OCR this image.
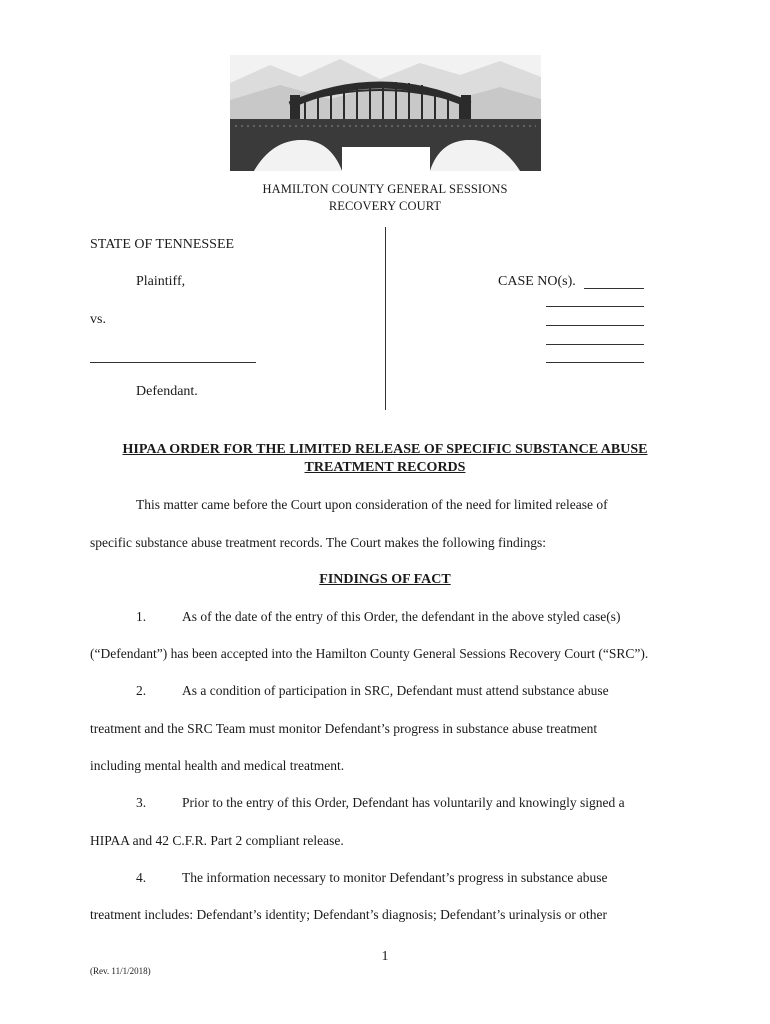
HAMILTON COUNTY GENERAL SESSIONS
RECOVERY COURT
STATE OF TENNESSEE
Plaintiff,
vs.
Defendant.
CASE NO(s).
HIPAA ORDER FOR THE LIMITED RELEASE OF SPECIFIC SUBSTANCE ABUSE
TREATMENT RECORDS
This matter came before the Court upon consideration of the need for limited release of
specific substance abuse treatment records. The Court makes the following findings:
FINDINGS OF FACT
1.	As of the date of the entry of this Order, the defendant in the above styled case(s)
(“Defendant”) has been accepted into the Hamilton County General Sessions Recovery Court (“SRC”).
2.	As a condition of participation in SRC, Defendant must attend substance abuse
treatment and the SRC Team must monitor Defendant’s progress in substance abuse treatment
including mental health and medical treatment.
3.	Prior to the entry of this Order, Defendant has voluntarily and knowingly signed a
HIPAA and 42 C.F.R. Part 2 compliant release.
4.	The information necessary to monitor Defendant’s progress in substance abuse
treatment includes: Defendant’s identity; Defendant’s diagnosis; Defendant’s urinalysis or other
1
(Rev. 11/1/2018)
